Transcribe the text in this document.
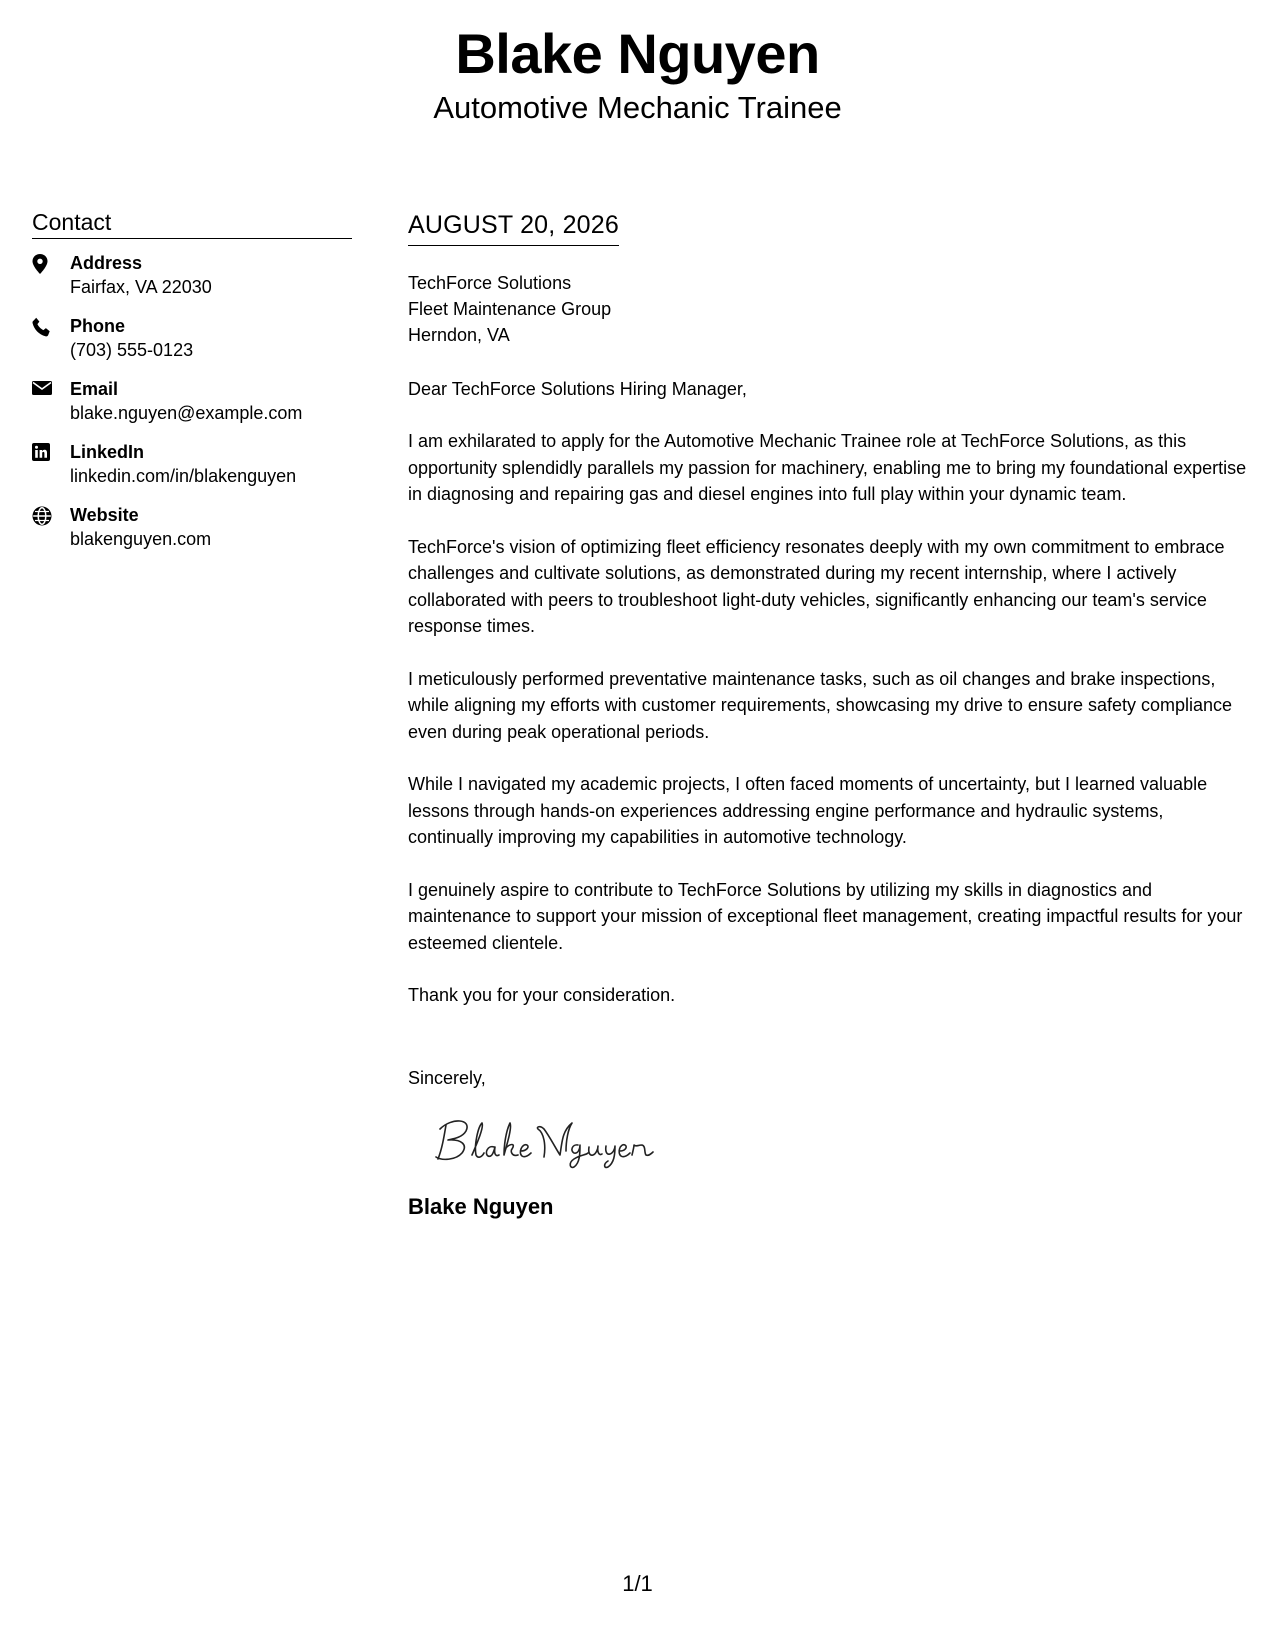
Blake Nguyen
Automotive Mechanic Trainee
Contact
Address
Fairfax, VA 22030
Phone
(703) 555-0123
Email
blake.nguyen@example.com
LinkedIn
linkedin.com/in/blakenguyen
Website
blakenguyen.com
AUGUST 20, 2026
TechForce Solutions
Fleet Maintenance Group
Herndon, VA
Dear TechForce Solutions Hiring Manager,
I am exhilarated to apply for the Automotive Mechanic Trainee role at TechForce Solutions, as this opportunity splendidly parallels my passion for machinery, enabling me to bring my foundational expertise in diagnosing and repairing gas and diesel engines into full play within your dynamic team.
TechForce's vision of optimizing fleet efficiency resonates deeply with my own commitment to embrace challenges and cultivate solutions, as demonstrated during my recent internship, where I actively collaborated with peers to troubleshoot light-duty vehicles, significantly enhancing our team's service response times.
I meticulously performed preventative maintenance tasks, such as oil changes and brake inspections, while aligning my efforts with customer requirements, showcasing my drive to ensure safety compliance even during peak operational periods.
While I navigated my academic projects, I often faced moments of uncertainty, but I learned valuable lessons through hands-on experiences addressing engine performance and hydraulic systems, continually improving my capabilities in automotive technology.
I genuinely aspire to contribute to TechForce Solutions by utilizing my skills in diagnostics and maintenance to support your mission of exceptional fleet management, creating impactful results for your esteemed clientele.
Thank you for your consideration.
Sincerely,
Blake Nguyen
1/1
